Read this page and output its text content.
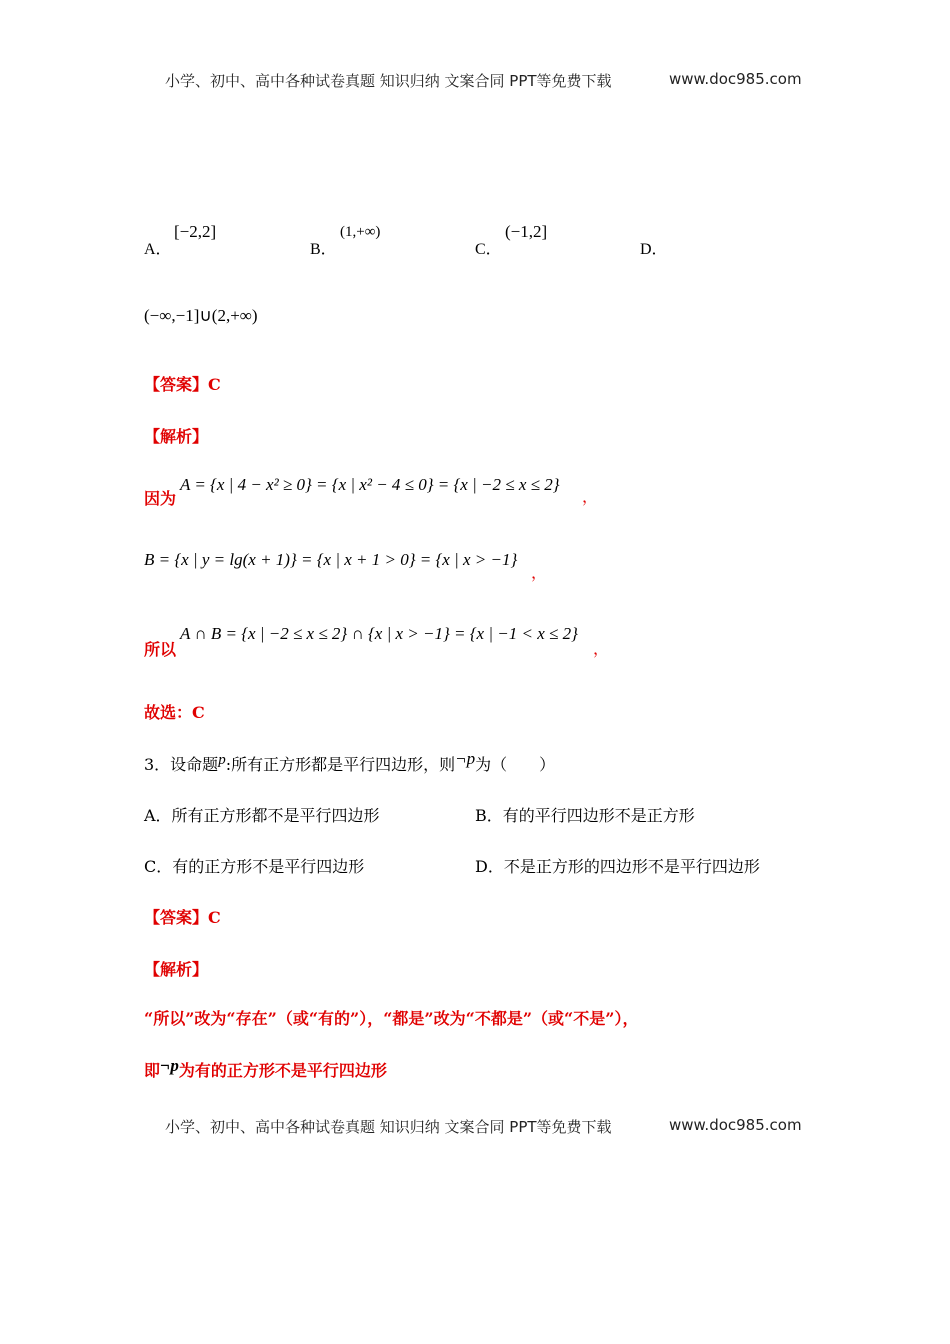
小学、初中、高中各种试卷真题 知识归纳 文案合同 PPT等免费下载	www.doc985.com
A．
[−2,2]
B．
(1,+∞)
C．
(−1,2]
D．
(−∞,−1]∪(2,+∞)
【答案】C
【解析】
因为
A = {x | 4 − x² ≥ 0} = {x | x² − 4 ≤ 0} = {x | −2 ≤ x ≤ 2}
，
B = {x | y = lg(x + 1)} = {x | x + 1 > 0} = {x | x > −1}
，
所以
A ∩ B = {x | −2 ≤ x ≤ 2} ∩ {x | x > −1} = {x | −1 < x ≤ 2}
，
故选：C
3．设命题p:所有正方形都是平行四边形，则¬p为（　　）
A．所有正方形都不是平行四边形	B．有的平行四边形不是正方形
C．有的正方形不是平行四边形	D．不是正方形的四边形不是平行四边形
【答案】C
【解析】
“所以”改为“存在”（或“有的”），“都是”改为“不都是”（或“不是”），
即¬p为有的正方形不是平行四边形
小学、初中、高中各种试卷真题 知识归纳 文案合同 PPT等免费下载	www.doc985.com
